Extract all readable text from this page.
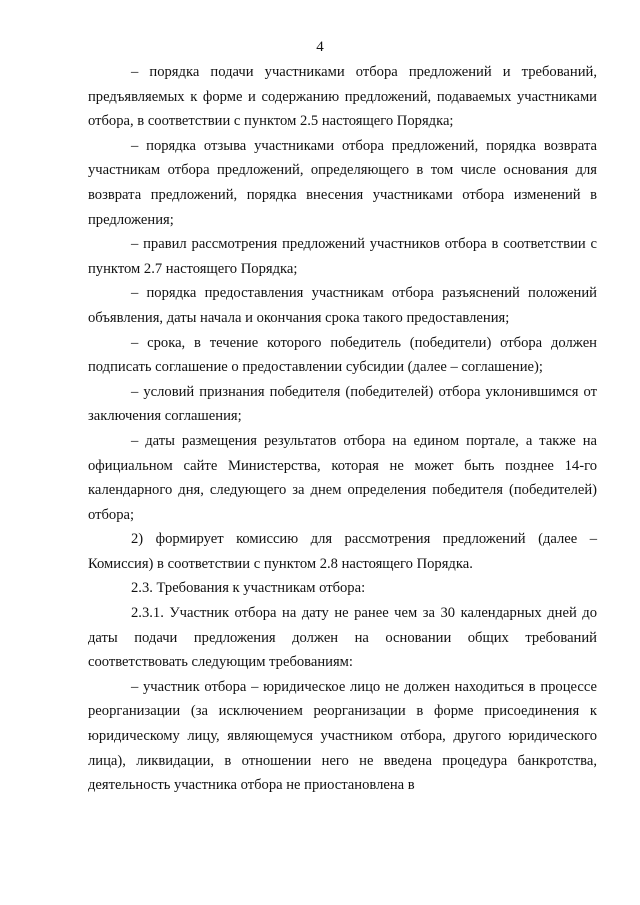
4

– порядка подачи участниками отбора предложений и требований, предъявляемых к форме и содержанию предложений, подаваемых участниками отбора, в соответствии с пунктом 2.5 настоящего Порядка;

– порядка отзыва участниками отбора предложений, порядка возврата участникам отбора предложений, определяющего в том числе основания для возврата предложений, порядка внесения участниками отбора изменений в предложения;

– правил рассмотрения предложений участников отбора в соответствии с пунктом 2.7 настоящего Порядка;

– порядка предоставления участникам отбора разъяснений положений объявления, даты начала и окончания срока такого предоставления;

– срока, в течение которого победитель (победители) отбора должен подписать соглашение о предоставлении субсидии (далее – соглашение);

– условий признания победителя (победителей) отбора уклонившимся от заключения соглашения;

– даты размещения результатов отбора на едином портале, а также на официальном сайте Министерства, которая не может быть позднее 14-го календарного дня, следующего за днем определения победителя (победителей) отбора;

2) формирует комиссию для рассмотрения предложений (далее – Комиссия) в соответствии с пунктом 2.8 настоящего Порядка.

2.3. Требования к участникам отбора:

2.3.1. Участник отбора на дату не ранее чем за 30 календарных дней до даты подачи предложения должен на основании общих требований соответствовать следующим требованиям:

– участник отбора – юридическое лицо не должен находиться в процессе реорганизации (за исключением реорганизации в форме присоединения к юридическому лицу, являющемуся участником отбора, другого юридического лица), ликвидации, в отношении него не введена процедура банкротства, деятельность участника отбора не приостановлена в
